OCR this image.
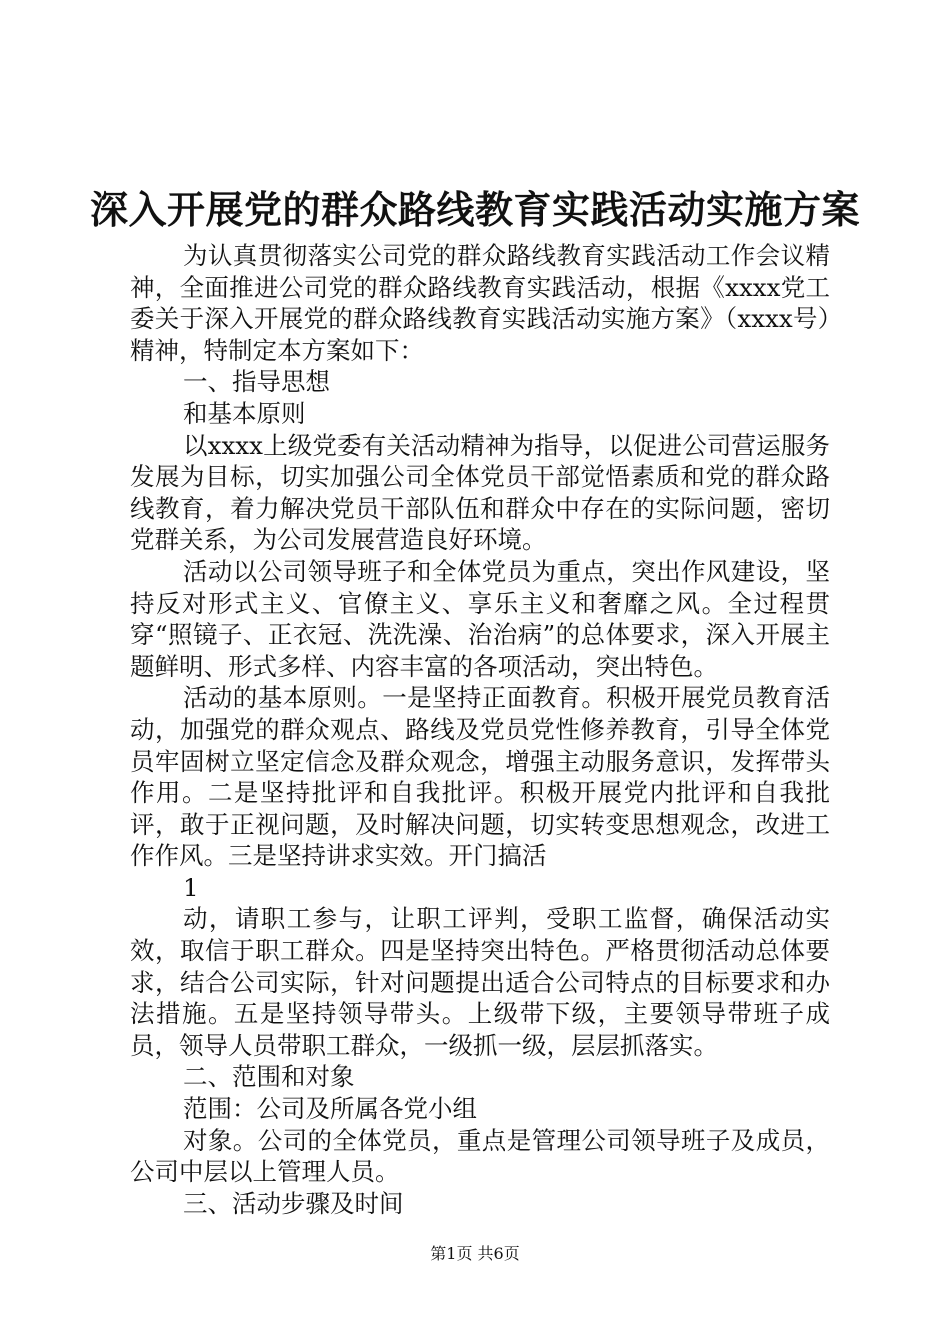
深入开展党的群众路线教育实践活动实施方案

为认真贯彻落实公司党的群众路线教育实践活动工作会议精神，全面推进公司党的群众路线教育实践活动，根据《xxxx党工委关于深入开展党的群众路线教育实践活动实施方案》（xxxx号）精神，特制定本方案如下：

一、指导思想

和基本原则

以xxxx上级党委有关活动精神为指导，以促进公司营运服务发展为目标，切实加强公司全体党员干部觉悟素质和党的群众路线教育，着力解决党员干部队伍和群众中存在的实际问题，密切党群关系，为公司发展营造良好环境。

活动以公司领导班子和全体党员为重点，突出作风建设，坚持反对形式主义、官僚主义、享乐主义和奢靡之风。全过程贯穿“照镜子、正衣冠、洗洗澡、治治病”的总体要求，深入开展主题鲜明、形式多样、内容丰富的各项活动，突出特色。

活动的基本原则。一是坚持正面教育。积极开展党员教育活动，加强党的群众观点、路线及党员党性修养教育，引导全体党员牢固树立坚定信念及群众观念，增强主动服务意识，发挥带头作用。二是坚持批评和自我批评。积极开展党内批评和自我批评，敢于正视问题，及时解决问题，切实转变思想观念，改进工作作风。三是坚持讲求实效。开门搞活

1

动，请职工参与，让职工评判，受职工监督，确保活动实效，取信于职工群众。四是坚持突出特色。严格贯彻活动总体要求，结合公司实际，针对问题提出适合公司特点的目标要求和办法措施。五是坚持领导带头。上级带下级，主要领导带班子成员，领导人员带职工群众，一级抓一级，层层抓落实。

二、范围和对象

范围：公司及所属各党小组

对象。公司的全体党员，重点是管理公司领导班子及成员，公司中层以上管理人员。

三、活动步骤及时间

第1页 共6页
